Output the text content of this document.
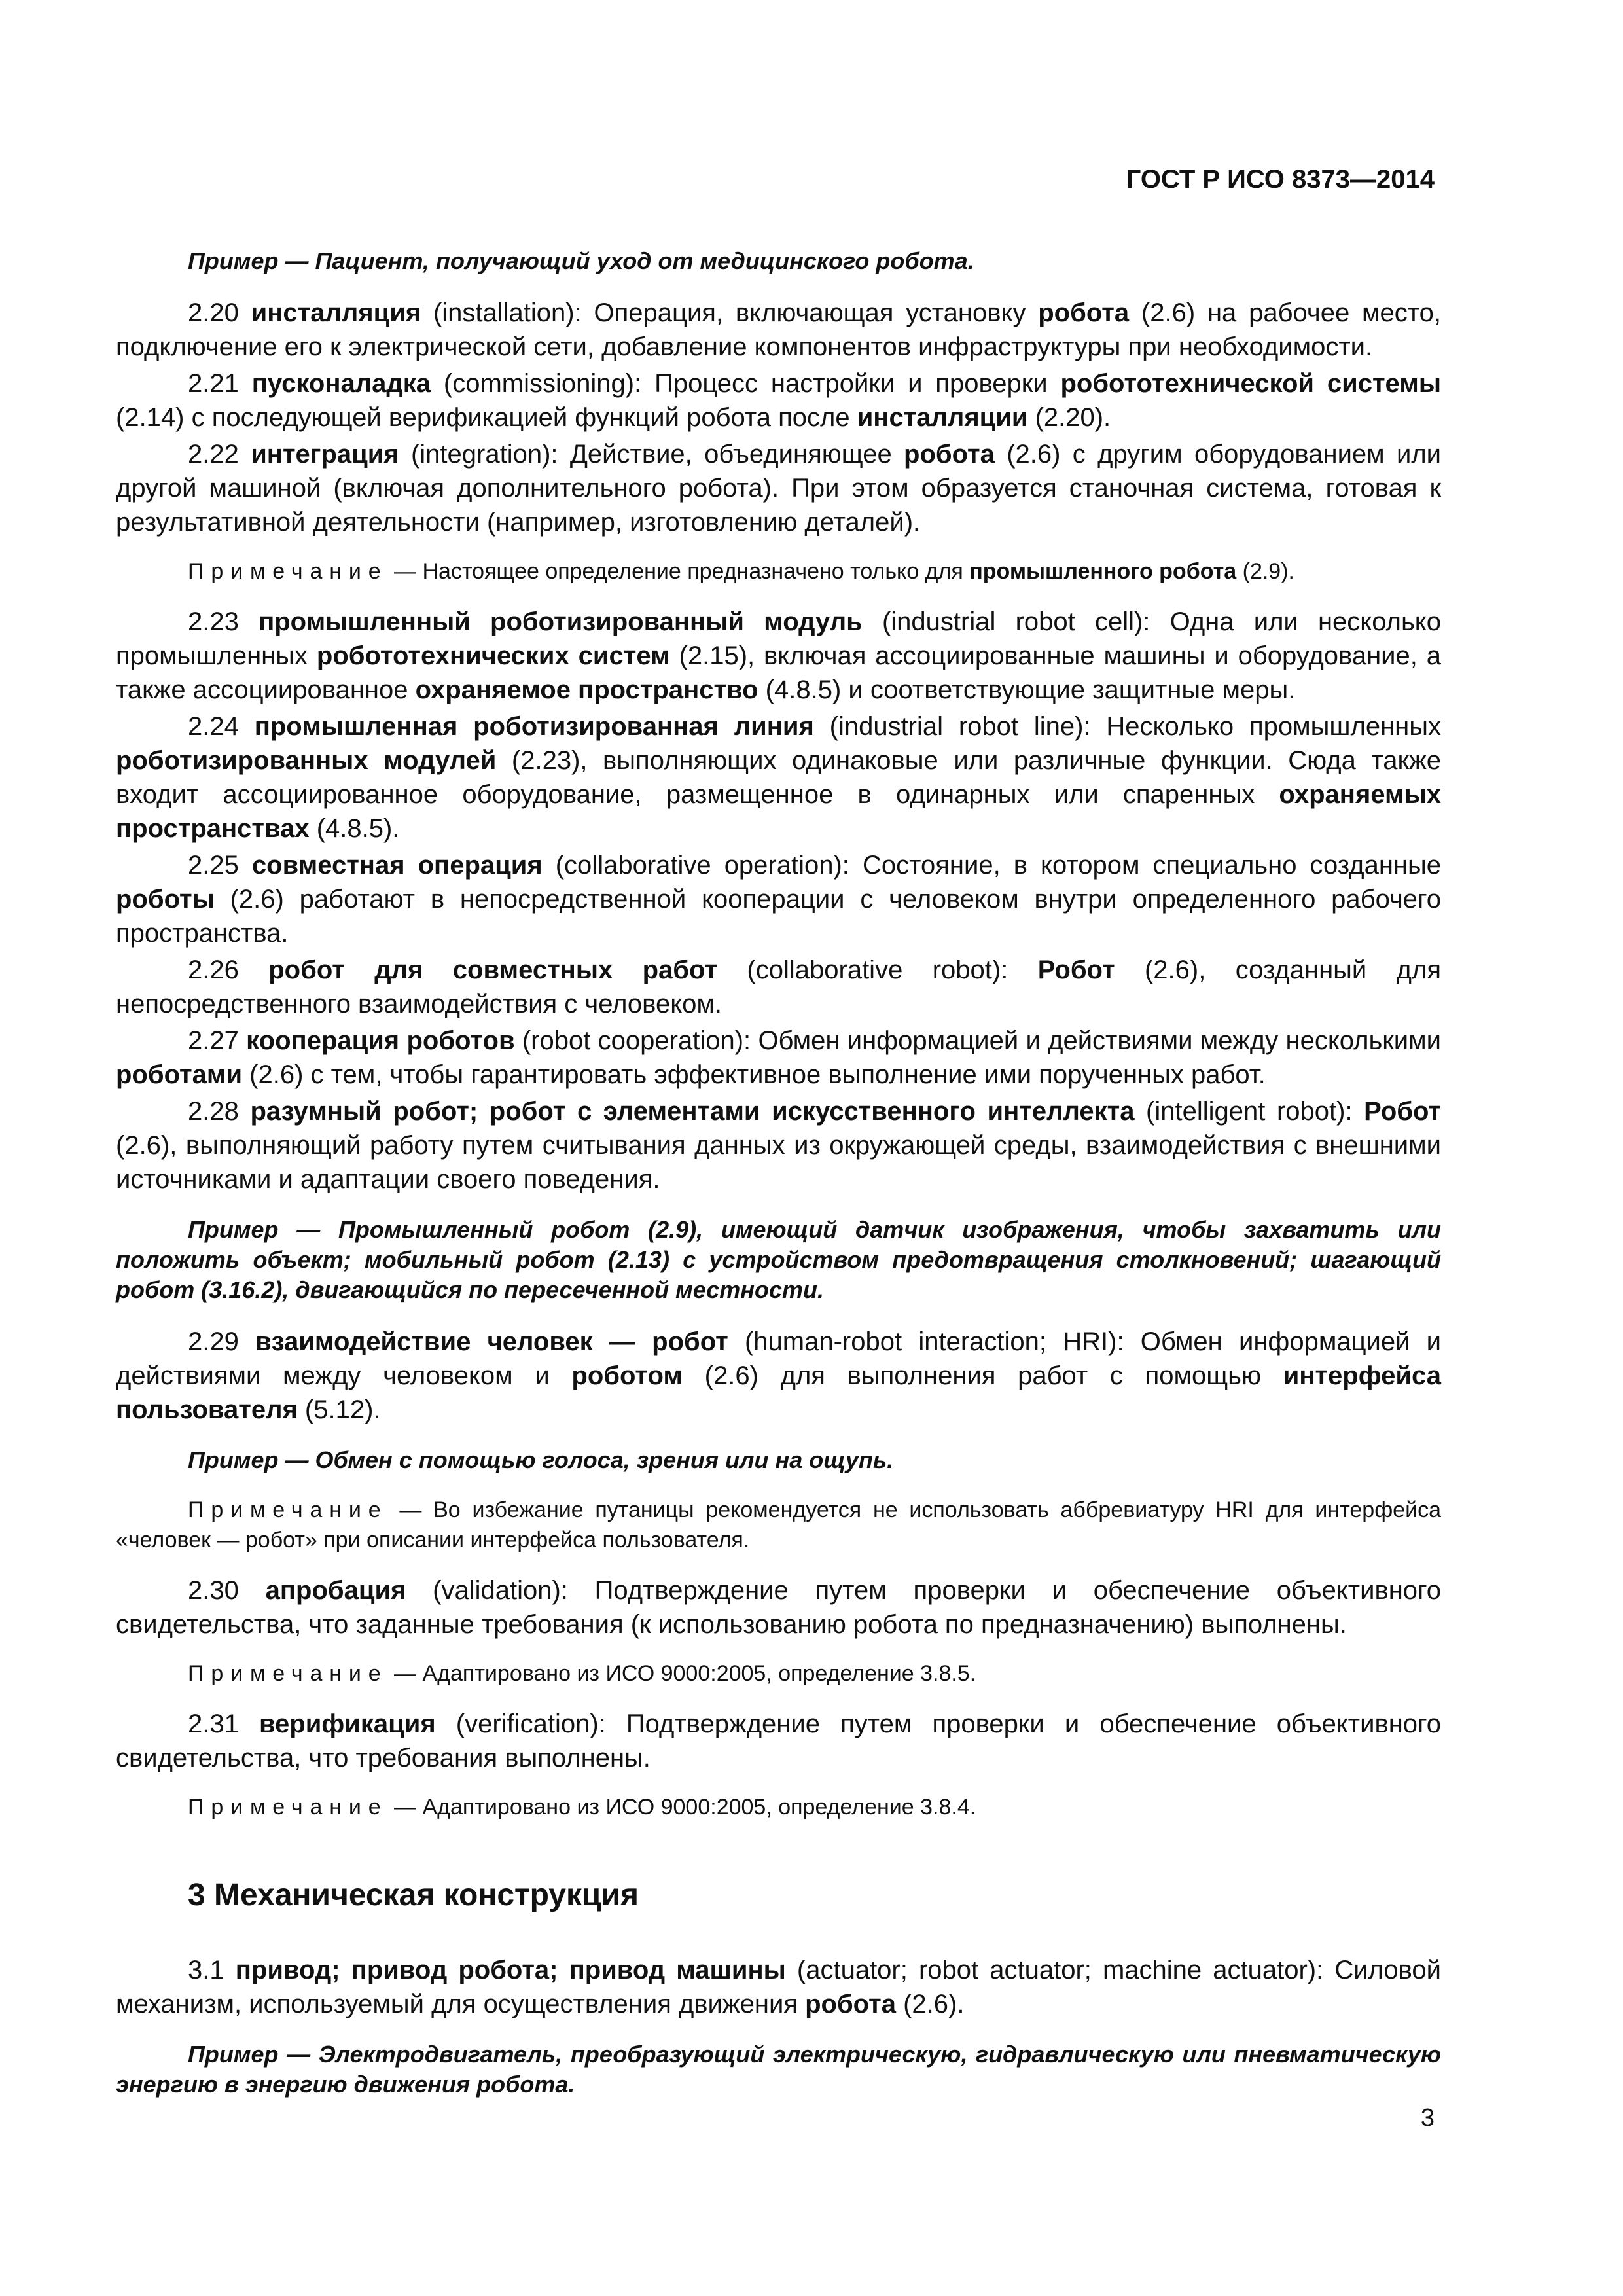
ГОСТ Р ИСО 8373—2014

Пример — Пациент, получающий уход от медицинского робота.

2.20 инсталляция (installation): Операция, включающая установку робота (2.6) на рабочее место, подключение его к электрической сети, добавление компонентов инфраструктуры при необходимости.

2.21 пусконаладка (commissioning): Процесс настройки и проверки робототехнической системы (2.14) с последующей верификацией функций робота после инсталляции (2.20).

2.22 интеграция (integration): Действие, объединяющее робота (2.6) с другим оборудованием или другой машиной (включая дополнительного робота). При этом образуется станочная система, готовая к результативной деятельности (например, изготовлению деталей).

Примечание — Настоящее определение предназначено только для промышленного робота (2.9).

2.23 промышленный роботизированный модуль (industrial robot cell): Одна или несколько промышленных робототехнических систем (2.15), включая ассоциированные машины и оборудование, а также ассоциированное охраняемое пространство (4.8.5) и соответствующие защитные меры.

2.24 промышленная роботизированная линия (industrial robot line): Несколько промышленных роботизированных модулей (2.23), выполняющих одинаковые или различные функции. Сюда также входит ассоциированное оборудование, размещенное в одинарных или спаренных охраняемых пространствах (4.8.5).

2.25 совместная операция (collaborative operation): Состояние, в котором специально созданные роботы (2.6) работают в непосредственной кооперации с человеком внутри определенного рабочего пространства.

2.26 робот для совместных работ (collaborative robot): Робот (2.6), созданный для непосредственного взаимодействия с человеком.

2.27 кооперация роботов (robot cooperation): Обмен информацией и действиями между несколькими роботами (2.6) с тем, чтобы гарантировать эффективное выполнение ими порученных работ.

2.28 разумный робот; робот с элементами искусственного интеллекта (intelligent robot): Робот (2.6), выполняющий работу путем считывания данных из окружающей среды, взаимодействия с внешними источниками и адаптации своего поведения.

Пример — Промышленный робот (2.9), имеющий датчик изображения, чтобы захватить или положить объект; мобильный робот (2.13) с устройством предотвращения столкновений; шагающий робот (3.16.2), двигающийся по пересеченной местности.

2.29 взаимодействие человек — робот (human-robot interaction; HRI): Обмен информацией и действиями между человеком и роботом (2.6) для выполнения работ с помощью интерфейса пользователя (5.12).

Пример — Обмен с помощью голоса, зрения или на ощупь.

Примечание — Во избежание путаницы рекомендуется не использовать аббревиатуру HRI для интерфейса «человек — робот» при описании интерфейса пользователя.

2.30 апробация (validation): Подтверждение путем проверки и обеспечение объективного свидетельства, что заданные требования (к использованию робота по предназначению) выполнены.

Примечание — Адаптировано из ИСО 9000:2005, определение 3.8.5.

2.31 верификация (verification): Подтверждение путем проверки и обеспечение объективного свидетельства, что требования выполнены.

Примечание — Адаптировано из ИСО 9000:2005, определение 3.8.4.

3 Механическая конструкция

3.1 привод; привод робота; привод машины (actuator; robot actuator; machine actuator): Силовой механизм, используемый для осуществления движения робота (2.6).

Пример — Электродвигатель, преобразующий электрическую, гидравлическую или пневматическую энергию в энергию движения робота.

3
